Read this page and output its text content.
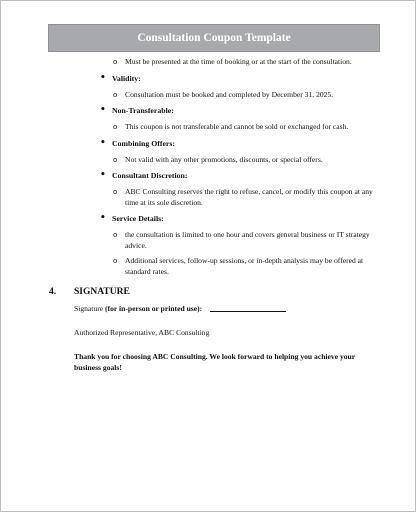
Consultation Coupon Template
o Must be presented at the time of booking or at the start of the consultation.
• Validity:
o Consultation must be booked and completed by December 31, 2025.
• Non-Transferable:
o This coupon is not transferable and cannot be sold or exchanged for cash.
• Combining Offers:
o Not valid with any other promotions, discounts, or special offers.
• Consultant Discretion:
o ABC Consulting reserves the right to refuse, cancel, or modify this coupon at any time at its sole discretion.
• Service Details:
o the consultation is limited to one hour and covers general business or IT strategy advice.
o Additional services, follow-up sessions, or in-depth analysis may be offered at standard rates.
4. SIGNATURE
Signature (for in-person or printed use):
Authorized Representative, ABC Consulting
Thank you for choosing ABC Consulting. We look forward to helping you achieve your business goals!
